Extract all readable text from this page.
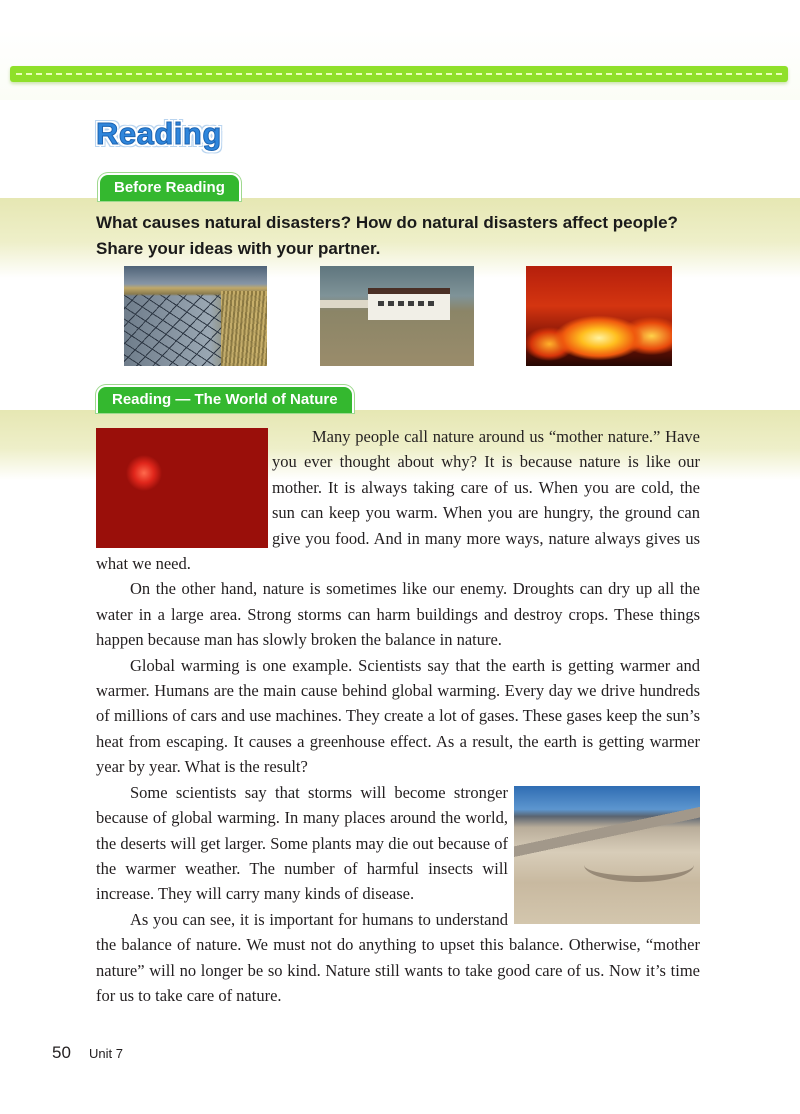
Reading
Before Reading

What causes natural disasters? How do natural disasters affect people? Share your ideas with your partner.

Reading — The World of Nature

Many people call nature around us “mother nature.” Have you ever thought about why? It is because nature is like our mother. It is always taking care of us. When you are cold, the sun can keep you warm. When you are hungry, the ground can give you food. And in many more ways, nature always gives us what we need.

On the other hand, nature is sometimes like our enemy. Droughts can dry up all the water in a large area. Strong storms can harm buildings and destroy crops. These things happen because man has slowly broken the balance in nature.

Global warming is one example. Scientists say that the earth is getting warmer and warmer. Humans are the main cause behind global warming. Every day we drive hundreds of millions of cars and use machines. They create a lot of gases. These gases keep the sun’s heat from escaping. It causes a greenhouse effect. As a result, the earth is getting warmer year by year. What is the result?

Some scientists say that storms will become stronger because of global warming. In many places around the world, the deserts will get larger. Some plants may die out because of the warmer weather. The number of harmful insects will increase. They will carry many kinds of disease.

As you can see, it is important for humans to understand the balance of nature. We must not do anything to upset this balance. Otherwise, “mother nature” will no longer be so kind. Nature still wants to take good care of us. Now it’s time for us to take care of nature.

50 Unit 7
